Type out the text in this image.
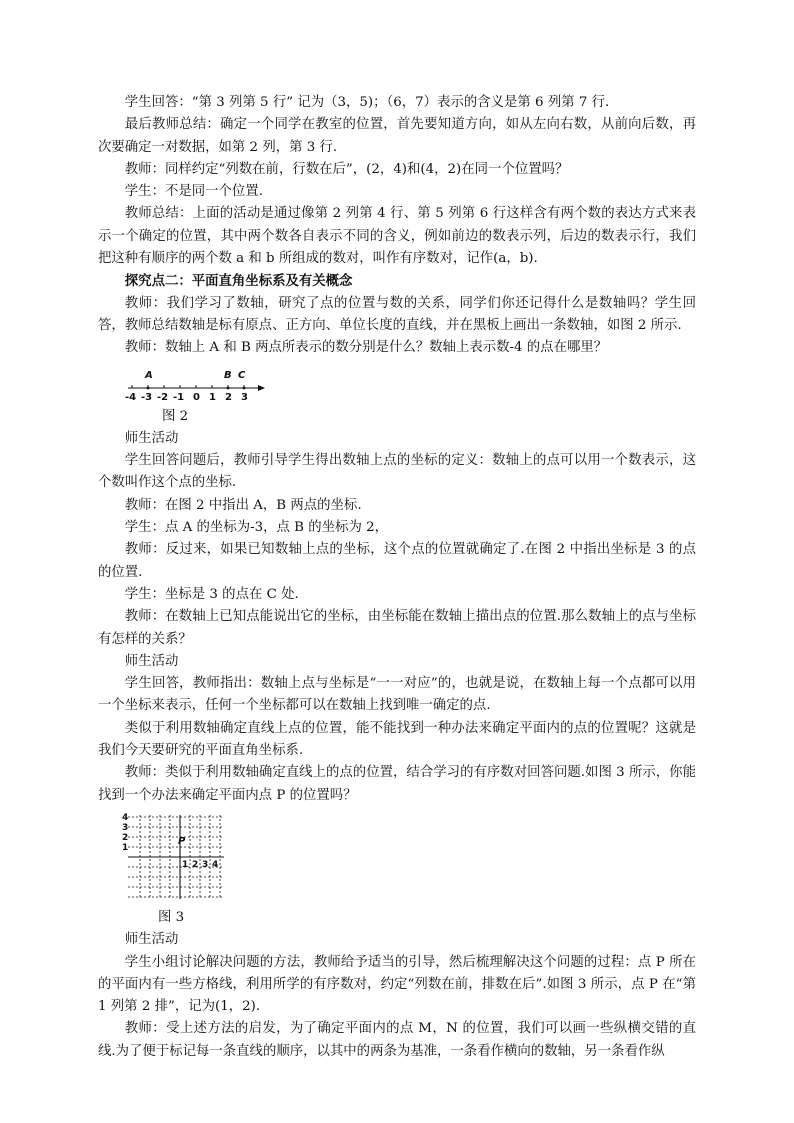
学生回答：“第 3 列第 5 行” 记为（3，5)；（6，7）表示的含义是第 6 列第 7 行．

最后教师总结：确定一个同学在教室的位置，首先要知道方向，如从左向右数，从前向后数，再次要确定一对数据，如第 2 列，第 3 行.

教师：同样约定“列数在前，行数在后”，(2，4)和(4，2)在同一个位置吗？

学生：不是同一个位置.

教师总结：上面的活动是通过像第 2 列第 4 行、第 5 列第 6 行这样含有两个数的表达方式来表示一个确定的位置，其中两个数各自表示不同的含义，例如前边的数表示列，后边的数表示行，我们把这种有顺序的两个数 a 和 b 所组成的数对，叫作有序数对，记作(a，b).

探究点二：平面直角坐标系及有关概念

教师：我们学习了数轴，研究了点的位置与数的关系，同学们你还记得什么是数轴吗？学生回答，教师总结数轴是标有原点、正方向、单位长度的直线，并在黑板上画出一条数轴，如图 2 所示.

教师：数轴上 A 和 B 两点所表示的数分别是什么？数轴上表示数-4 的点在哪里？

-4 -3 -2 -1 0 1 2 3
A	B C

图 2

师生活动

学生回答问题后，教师引导学生得出数轴上点的坐标的定义：数轴上的点可以用一个数表示，这个数叫作这个点的坐标.

教师：在图 2 中指出 A，B 两点的坐标.

学生：点 A 的坐标为-3，点 B 的坐标为 2，

教师：反过来，如果已知数轴上点的坐标，这个点的位置就确定了.在图 2 中指出坐标是 3 的点的位置.

学生：坐标是 3 的点在 C 处.

教师：在数轴上已知点能说出它的坐标，由坐标能在数轴上描出点的位置.那么数轴上的点与坐标有怎样的关系？

师生活动

学生回答，教师指出：数轴上点与坐标是“一一对应”的，也就是说，在数轴上每一个点都可以用一个坐标来表示，任何一个坐标都可以在数轴上找到唯一确定的点.

类似于利用数轴确定直线上点的位置，能不能找到一种办法来确定平面内的点的位置呢？这就是我们今天要研究的平面直角坐标系.

教师：类似于利用数轴确定直线上的点的位置，结合学习的有序数对回答问题.如图 3 所示，你能找到一个办法来确定平面内点 P 的位置吗？

4
3
2
1
1 2 3 4
P

图 3

师生活动

学生小组讨论解决问题的方法，教师给予适当的引导，然后梳理解决这个问题的过程：点 P 所在的平面内有一些方格线，利用所学的有序数对，约定“列数在前，排数在后”.如图 3 所示，点 P 在“第 1 列第 2 排”，记为(1，2).

教师：受上述方法的启发，为了确定平面内的点 M，N 的位置，我们可以画一些纵横交错的直线.为了便于标记每一条直线的顺序，以其中的两条为基准，一条看作横向的数轴，另一条看作纵
